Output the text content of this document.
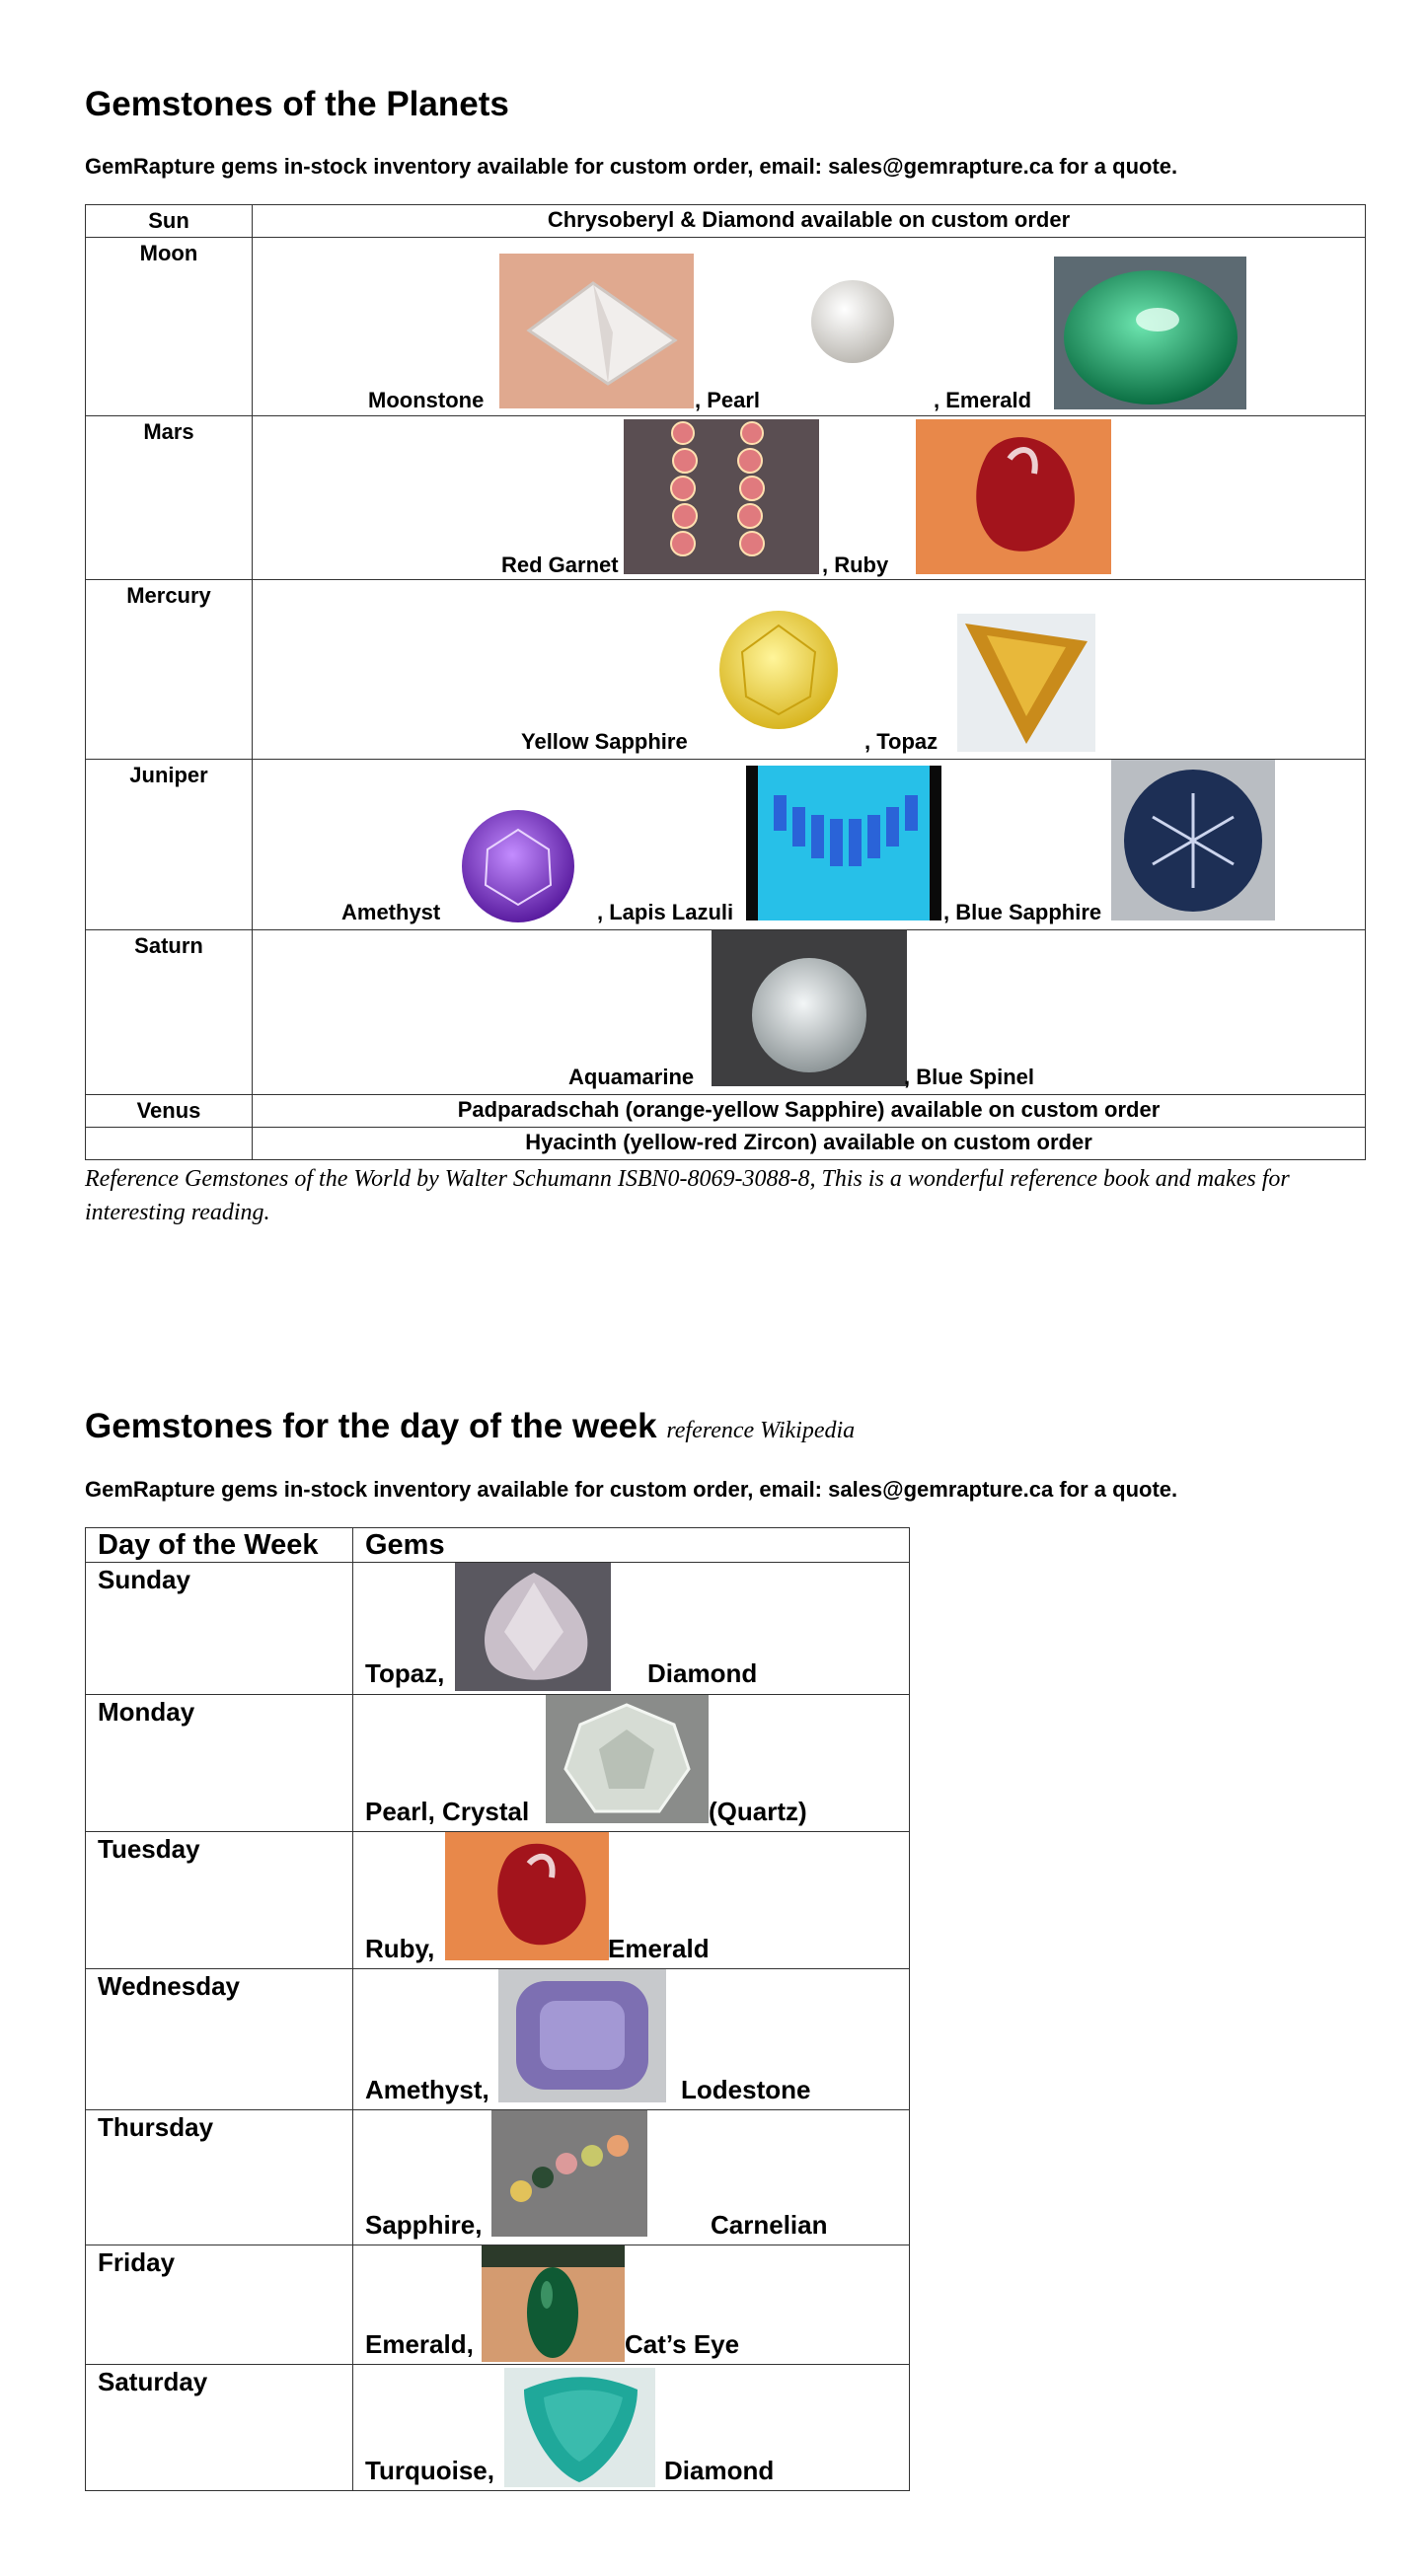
Gemstones of the Planets

GemRapture gems in-stock inventory available for custom order, email: sales@gemrapture.ca for a quote.

Sun	Chrysoberyl & Diamond available on custom order
Moon	Moonstone , Pearl , Emerald

Mars	Red Garnet , Ruby

Mercury	Yellow Sapphire , Topaz

Juniper	Amethyst , Lapis Lazuli , Blue Sapphire

Saturn	Aquamarine , Blue Spinel

Venus	Padparadschah (orange-yellow Sapphire) available on custom order
	Hyacinth (yellow-red Zircon) available on custom order

Reference Gemstones of the World by Walter Schumann ISBN0-8069-3088-8, This is a wonderful reference book and makes for interesting reading.

Gemstones for the day of the week reference Wikipedia

GemRapture gems in-stock inventory available for custom order, email: sales@gemrapture.ca for a quote.

Day of the Week	Gems
Sunday	Topaz, Diamond

Monday	Pearl, Crystal (Quartz)

Tuesday	Ruby, Emerald

Wednesday	Amethyst, Lodestone

Thursday	Sapphire, Carnelian

Friday	Emerald, Cat’s Eye

Saturday	Turquoise, Diamond
